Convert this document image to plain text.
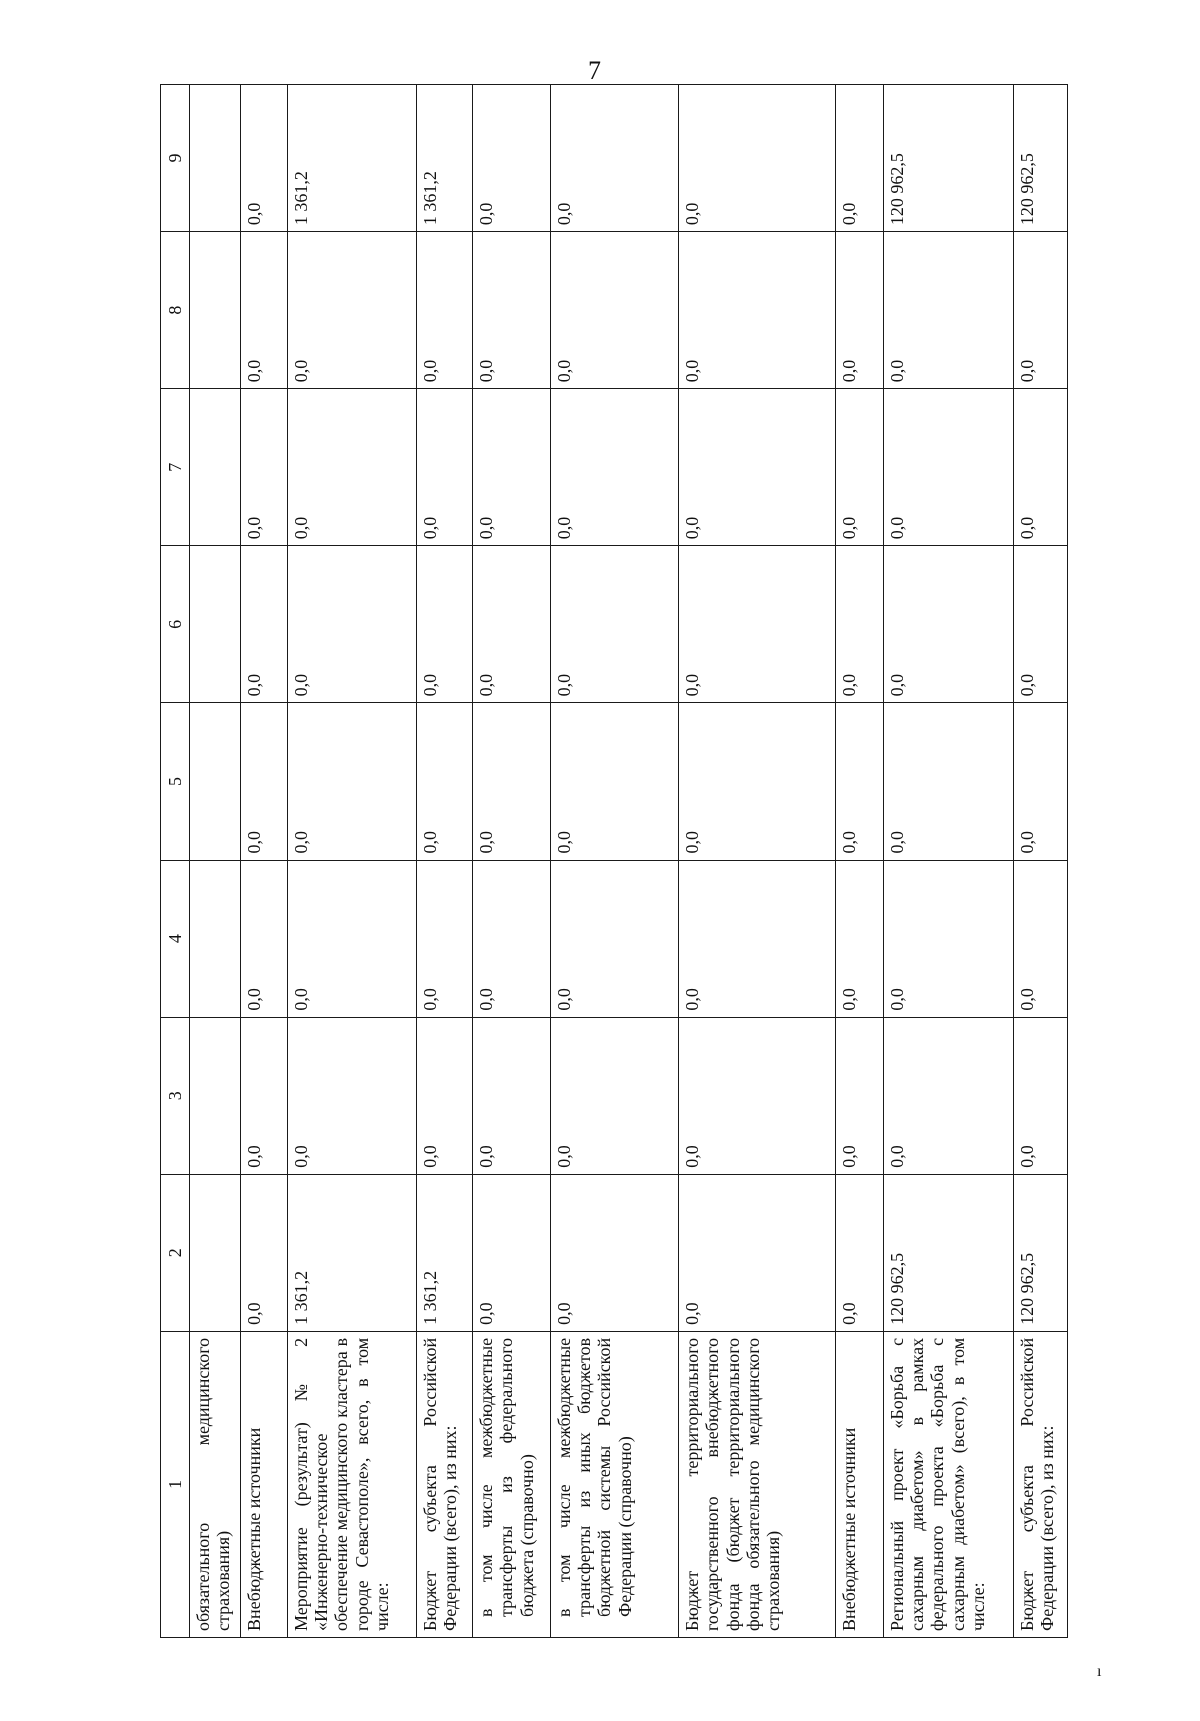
7
1	2	3	4	5	6	7	8	9
обязательного медицинского страхования)								
Внебюджетные источники	0,0	0,0	0,0	0,0	0,0	0,0	0,0	0,0
Мероприятие (результат) № 2 «Инженерно-техническое обеспечение медицинского кластера в городе Севастополе», всего, в том числе:	1 361,2	0,0	0,0	0,0	0,0	0,0	0,0	1 361,2
Бюджет субъекта Российской Федерации (всего), из них:	1 361,2	0,0	0,0	0,0	0,0	0,0	0,0	1 361,2
в том числе межбюджетные трансферты из федерального бюджета (справочно)	0,0	0,0	0,0	0,0	0,0	0,0	0,0	0,0
в том числе межбюджетные трансферты из иных бюджетов бюджетной системы Российской Федерации (справочно)	0,0	0,0	0,0	0,0	0,0	0,0	0,0	0,0
Бюджет территориального государственного внебюджетного фонда (бюджет территориального фонда обязательного медицинского страхования)	0,0	0,0	0,0	0,0	0,0	0,0	0,0	0,0
Внебюджетные источники	0,0	0,0	0,0	0,0	0,0	0,0	0,0	0,0
Региональный проект «Борьба с сахарным диабетом» в рамках федерального проекта «Борьба с сахарным диабетом» (всего), в том числе:	120 962,5	0,0	0,0	0,0	0,0	0,0	0,0	120 962,5
Бюджет субъекта Российской Федерации (всего), из них:	120 962,5	0,0	0,0	0,0	0,0	0,0	0,0	120 962,5
ı
